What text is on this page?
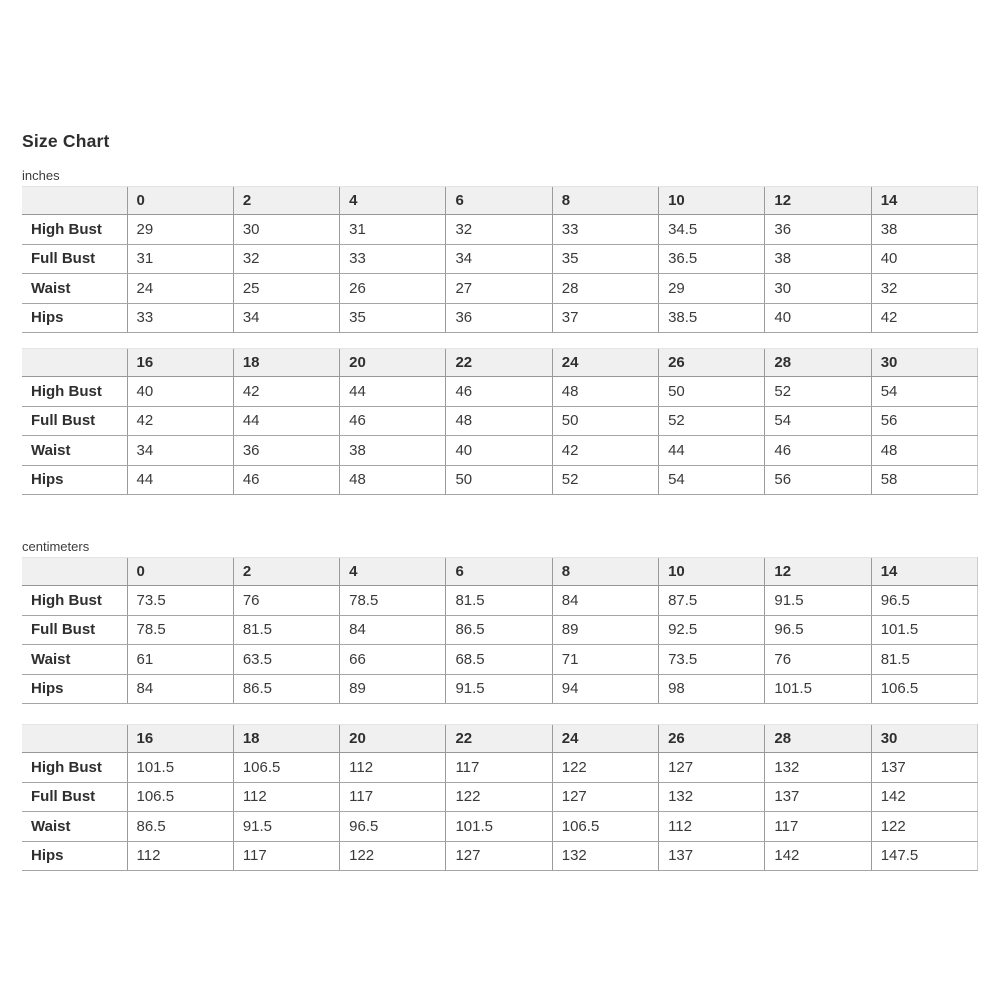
Size Chart
inches
	0	2	4	6	8	10	12	14
High Bust	29	30	31	32	33	34.5	36	38
Full Bust	31	32	33	34	35	36.5	38	40
Waist	24	25	26	27	28	29	30	32
Hips	33	34	35	36	37	38.5	40	42
	16	18	20	22	24	26	28	30
High Bust	40	42	44	46	48	50	52	54
Full Bust	42	44	46	48	50	52	54	56
Waist	34	36	38	40	42	44	46	48
Hips	44	46	48	50	52	54	56	58
centimeters
	0	2	4	6	8	10	12	14
High Bust	73.5	76	78.5	81.5	84	87.5	91.5	96.5
Full Bust	78.5	81.5	84	86.5	89	92.5	96.5	101.5
Waist	61	63.5	66	68.5	71	73.5	76	81.5
Hips	84	86.5	89	91.5	94	98	101.5	106.5
	16	18	20	22	24	26	28	30
High Bust	101.5	106.5	112	117	122	127	132	137
Full Bust	106.5	112	117	122	127	132	137	142
Waist	86.5	91.5	96.5	101.5	106.5	112	117	122
Hips	112	117	122	127	132	137	142	147.5
